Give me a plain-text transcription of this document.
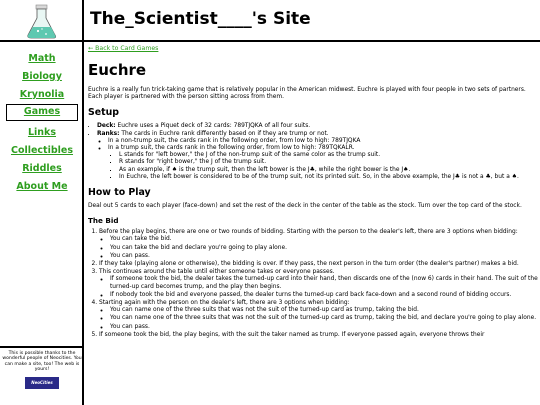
The_Scientist____'s Site
Math
Biology
Krynolia
Games
Links
Collectibles
Riddles
About Me
This is possible thanks to the wonderful people of Neocities. You can make a site, too! The web is yours!
NeoCities
← Back to Card Games
Euchre

Euchre is a really fun trick-taking game that is relatively popular in the American midwest. Euchre is played with four people in two sets of partners. Each player is partnered with the person sitting across from them.

Setup
• Deck: Euchre uses a Piquet deck of 32 cards: 789TJQKA of all four suits.
• Ranks: The cards in Euchre rank differently based on if they are trump or not.
◦ In a non-trump suit, the cards rank in the following order, from low to high: 789TJQKA
◦ In a trump suit, the cards rank in the following order, from low to high: 789TQKALR.
▪ L stands for "left bower," the J of the non-trump suit of the same color as the trump suit.
▪ R stands for "right bower," the J of the trump suit.
▪ As an example, if ♠ is the trump suit, then the left bower is the J♣, while the right bower is the J♠.
▪ In Euchre, the left bower is considered to be of the trump suit, not its printed suit. So, in the above example, the J♣ is not a ♣, but a ♠.
How to Play

Deal out 5 cards to each player (face-down) and set the rest of the deck in the center of the table as the stock. Turn over the top card of the stock.

The Bid
1. Before the play begins, there are one or two rounds of bidding. Starting with the person to the dealer's left, there are 3 options when bidding:
◦ You can take the bid.
◦ You can take the bid and declare you're going to play alone.
◦ You can pass.
2. If they take (playing alone or otherwise), the bidding is over. If they pass, the next person in the turn order (the dealer's partner) makes a bid.
3. This continues around the table until either someone takes or everyone passes.
◦ If someone took the bid, the dealer takes the turned-up card into their hand, then discards one of the (now 6) cards in their hand. The suit of the turned-up card becomes trump, and the play then begins.
◦ If nobody took the bid and everyone passed, the dealer turns the turned-up card back face-down and a second round of bidding occurs.
4. Starting again with the person on the dealer's left, there are 3 options when bidding:
◦ You can name one of the three suits that was not the suit of the turned-up card as trump, taking the bid.
◦ You can name one of the three suits that was not the suit of the turned-up card as trump, taking the bid, and declare you're going to play alone.
◦ You can pass.
5. If someone took the bid, the play begins, with the suit the taker named as trump. If everyone passed again, everyone throws their
